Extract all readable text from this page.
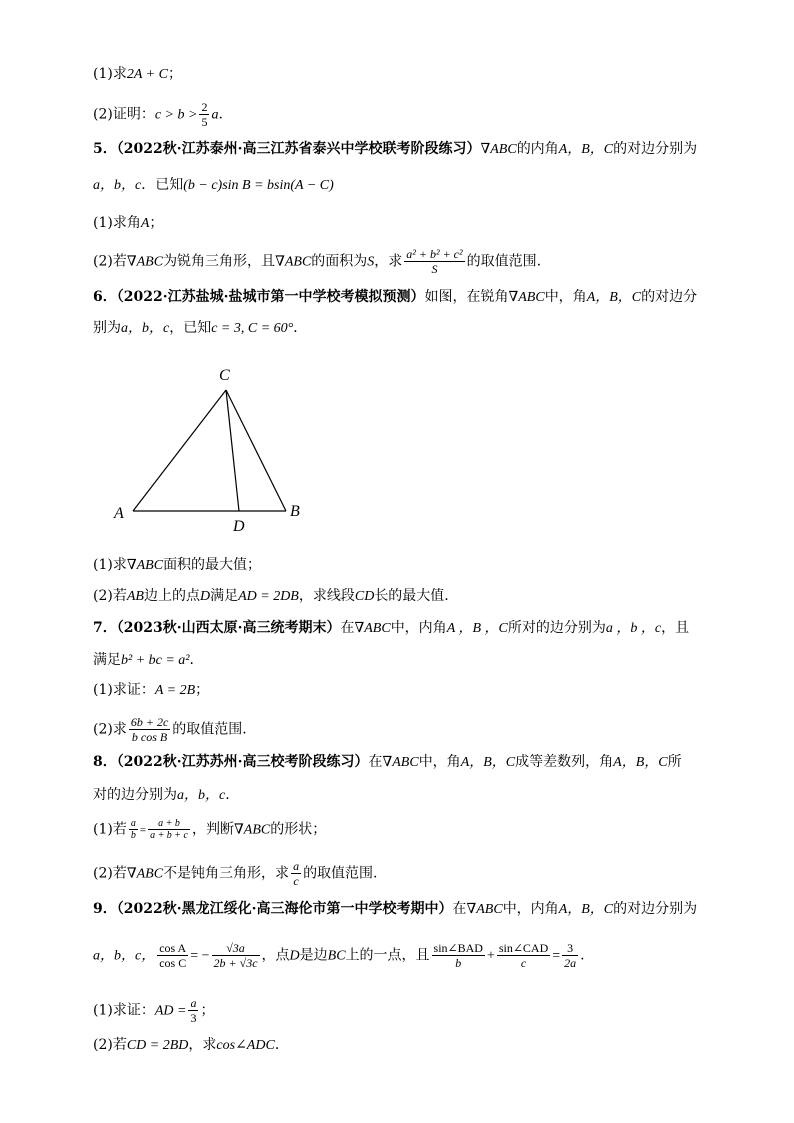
(1)求2A + C；
(2)证明：$c > b > \frac{2}{5} a$.
5．（2022秋·江苏泰州·高三江苏省泰兴中学校联考阶段练习）∇ABC的内角A，B，C的对边分别为
a，b，c．已知(b − c)sin B = bsin(A − C)
(1)求角A；
(2)若∇ABC为锐角三角形，且∇ABC的面积为S，求 $\frac{\text{a² + b² + c²}}{S}$ 的取值范围.
6．（2022·江苏盐城·盐城市第一中学校考模拟预测）如图，在锐角∇ABC中，角A，B，C的对边分
别为a，b，c，已知c = 3, C = 60°．
C
A	B
D
(1)求∇ABC面积的最大值；
(2)若AB边上的点D满足AD = 2DB，求线段CD长的最大值.
7．（2023秋·山西太原·高三统考期末）在∇ABC中，内角A ，B ，C所对的边分别为a ，b ，c，且
满足b² + bc = a²．
(1)求证：A = 2B；
(2)求 $\frac{6b + 2c}{\text{b cos B}}$ 的取值范围.
8．（2022秋·江苏苏州·高三校考阶段练习）在∇ABC中，角A，B，C成等差数列，角A，B，C所
对的边分别为a，b，c.
(1)若 $\frac{a}{b} = \frac{a + b}{a + b + c}$ ，判断∇ABC的形状；
(2)若∇ABC不是钝角三角形，求 $\frac{a}{c}$ 的取值范围.
9．（2022秋·黑龙江绥化·高三海伦市第一中学校考期中）在∇ABC中，内角A，B，C的对边分别为
a，b，c， $\frac{\text{cos A}}{\text{cos C}}$ = − $\frac{√3a}{2b + √3c}$ ，点D是边BC上的一点，且 $\frac{\text{sin∠BAD}}{b} + \frac{\text{sin∠CAD}}{c} = \frac{3}{2a}$ .
(1)求证：AD = $\frac{a}{3}$ ；
(2)若CD = 2BD，求cos∠ADC．
